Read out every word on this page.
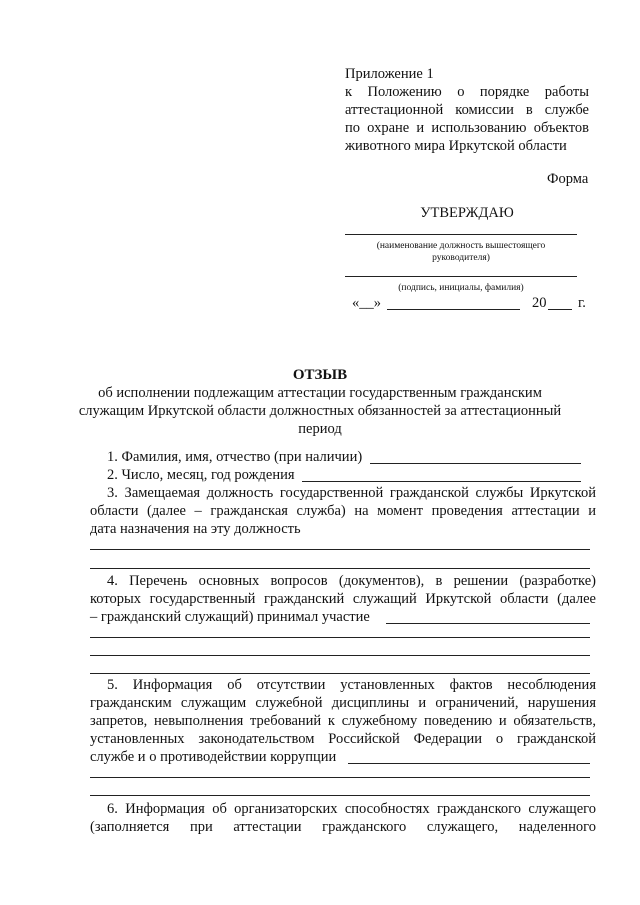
Приложение 1
к Положению о порядке работы
аттестационной комиссии в службе
по охране и использованию объектов
животного мира Иркутской области
Форма
УТВЕРЖДАЮ
(наименование должность вышестоящего
руководителя)
(подпись, инициалы, фамилия)
«__»	20 г.
ОТЗЫВ
об исполнении подлежащим аттестации государственным гражданским
служащим Иркутской области должностных обязанностей за аттестационный
период
1. Фамилия, имя, отчество (при наличии)
2. Число, месяц, год рождения
3. Замещаемая должность государственной гражданской службы Иркутской
области (далее – гражданская служба) на момент проведения аттестации и
дата назначения на эту должность
4. Перечень основных вопросов (документов), в решении (разработке)
которых государственный гражданский служащий Иркутской области (далее
– гражданский служащий) принимал участие
5. Информация об отсутствии установленных фактов несоблюдения
гражданским служащим служебной дисциплины и ограничений, нарушения
запретов, невыполнения требований к служебному поведению и обязательств,
установленных законодательством Российской Федерации о гражданской
службе и о противодействии коррупции
6. Информация об организаторских способностях гражданского служащего
(заполняется при аттестации гражданского служащего, наделенного
